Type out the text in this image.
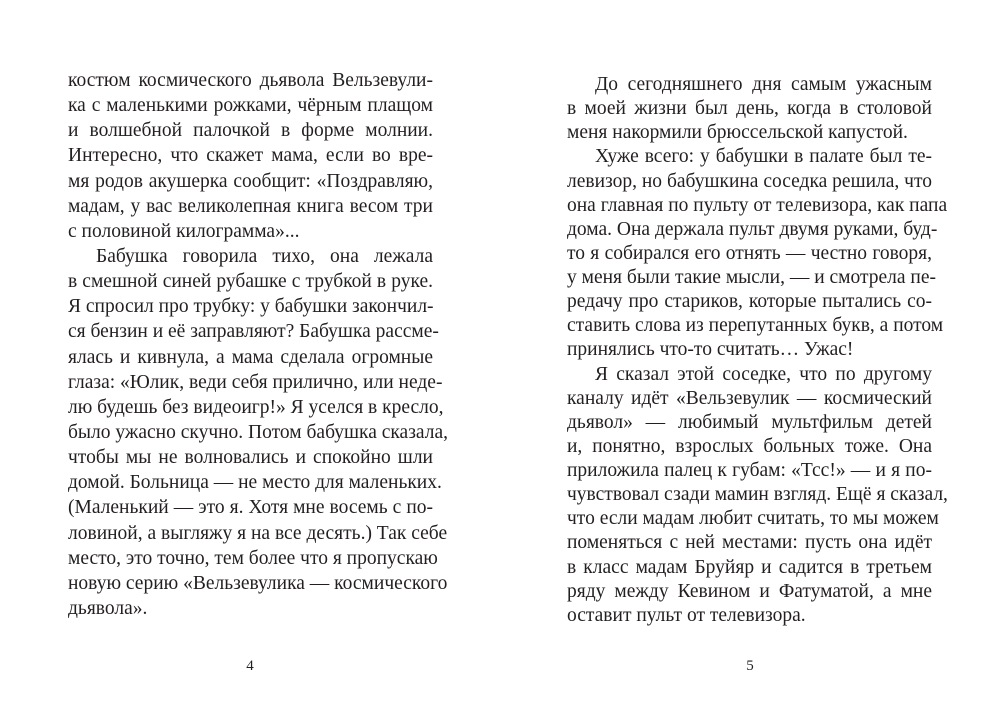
костюм космического дьявола Вельзевули-
ка с маленькими рожками, чёрным плащом
и волшебной палочкой в форме молнии.
Интересно, что скажет мама, если во вре-
мя родов акушерка сообщит: «Поздравляю,
мадам, у вас великолепная книга весом три
с половиной килограмма»...
Бабушка говорила тихо, она лежала
в смешной синей рубашке с трубкой в руке.
Я спросил про трубку: у бабушки закончил-
ся бензин и её заправляют? Бабушка рассме-
ялась и кивнула, а мама сделала огромные
глаза: «Юлик, веди себя прилично, или неде-
лю будешь без видеоигр!» Я уселся в кресло,
было ужасно скучно. Потом бабушка сказала,
чтобы мы не волновались и спокойно шли
домой. Больница — не место для маленьких.
(Маленький — это я. Хотя мне восемь с по-
ловиной, а выгляжу я на все десять.) Так себе
место, это точно, тем более что я пропускаю
новую серию «Вельзевулика — космического
дьявола».
До сегодняшнего дня самым ужасным
в моей жизни был день, когда в столовой
меня накормили брюссельской капустой.
Хуже всего: у бабушки в палате был те-
левизор, но бабушкина соседка решила, что
она главная по пульту от телевизора, как папа
дома. Она держала пульт двумя руками, буд-
то я собирался его отнять — честно говоря,
у меня были такие мысли, — и смотрела пе-
редачу про стариков, которые пытались со-
ставить слова из перепутанных букв, а потом
принялись что-то считать… Ужас!
Я сказал этой соседке, что по другому
каналу идёт «Вельзевулик — космический
дьявол» — любимый мультфильм детей
и, понятно, взрослых больных тоже. Она
приложила палец к губам: «Тсс!» — и я по-
чувствовал сзади мамин взгляд. Ещё я сказал,
что если мадам любит считать, то мы можем
поменяться с ней местами: пусть она идёт
в класс мадам Бруйяр и садится в третьем
ряду между Кевином и Фатуматой, а мне
оставит пульт от телевизора.
4	5
